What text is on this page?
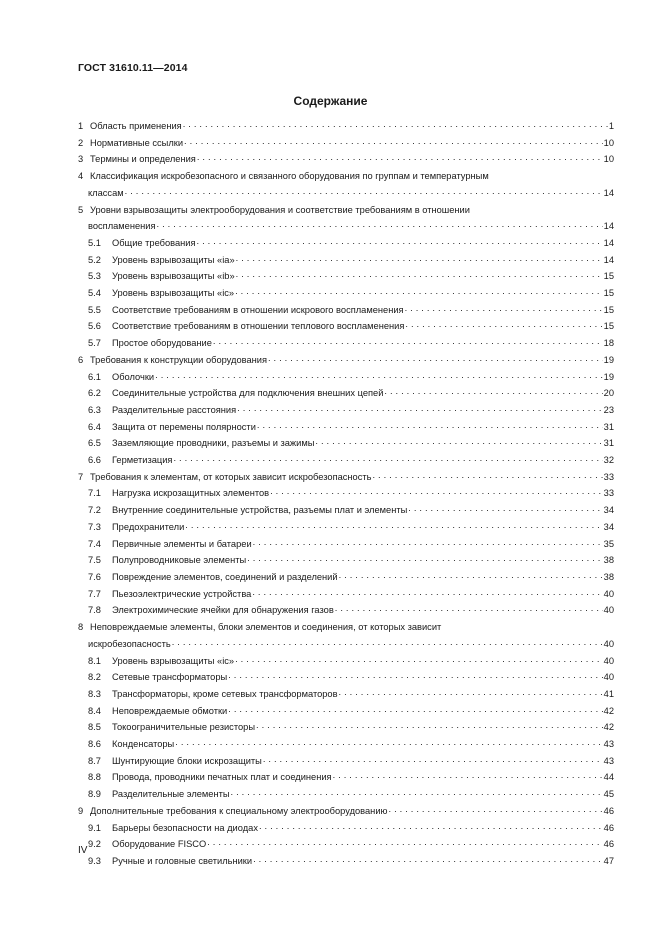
ГОСТ 31610.11—2014
Содержание
1 Область применения . . .	1
2 Нормативные ссылки . . .	10
3 Термины и определения . . .	10
4 Классификация искробезопасного и связанного оборудования по группам и температурным
классам . . .	14
5 Уровни взрывозащиты электрооборудования и соответствие требованиям в отношении
воспламенения . . .	14
5.1 Общие требования . . .	14
5.2 Уровень взрывозащиты «ia» . . .	14
5.3 Уровень взрывозащиты «ib» . . .	15
5.4 Уровень взрывозащиты «ic» . . .	15
5.5 Соответствие требованиям в отношении искрового воспламенения . . .	15
5.6 Соответствие требованиям в отношении теплового воспламенения . . .	15
5.7 Простое оборудование . . .	18
6 Требования к конструкции оборудования . . .	19
6.1 Оболочки . . .	19
6.2 Соединительные устройства для подключения внешних цепей . . .	20
6.3 Разделительные расстояния . . .	23
6.4 Защита от перемены полярности . . .	31
6.5 Заземляющие проводники, разъемы и зажимы . . .	31
6.6 Герметизация . . .	32
7 Требования к элементам, от которых зависит искробезопасность . . .	33
7.1 Нагрузка искрозащитных элементов . . .	33
7.2 Внутренние соединительные устройства, разъемы плат и элементы . . .	34
7.3 Предохранители . . .	34
7.4 Первичные элементы и батареи . . .	35
7.5 Полупроводниковые элементы . . .	38
7.6 Повреждение элементов, соединений и разделений . . .	38
7.7 Пьезоэлектрические устройства . . .	40
7.8 Электрохимические ячейки для обнаружения газов . . .	40
8 Неповреждаемые элементы, блоки элементов и соединения, от которых зависит
искробезопасность . . .	40
8.1 Уровень взрывозащиты «ic» . . .	40
8.2 Сетевые трансформаторы . . .	40
8.3 Трансформаторы, кроме сетевых трансформаторов . . .	41
8.4 Неповреждаемые обмотки . . .	42
8.5 Токоограничительные резисторы . . .	42
8.6 Конденсаторы . . .	43
8.7 Шунтирующие блоки искрозащиты . . .	43
8.8 Провода, проводники печатных плат и соединения . . .	44
8.9 Разделительные элементы . . .	45
9 Дополнительные требования к специальному электрооборудованию . . .	46
9.1 Барьеры безопасности на диодах . . .	46
9.2 Оборудование FISCO . . .	46
9.3 Ручные и головные светильники . . .	47
IV
